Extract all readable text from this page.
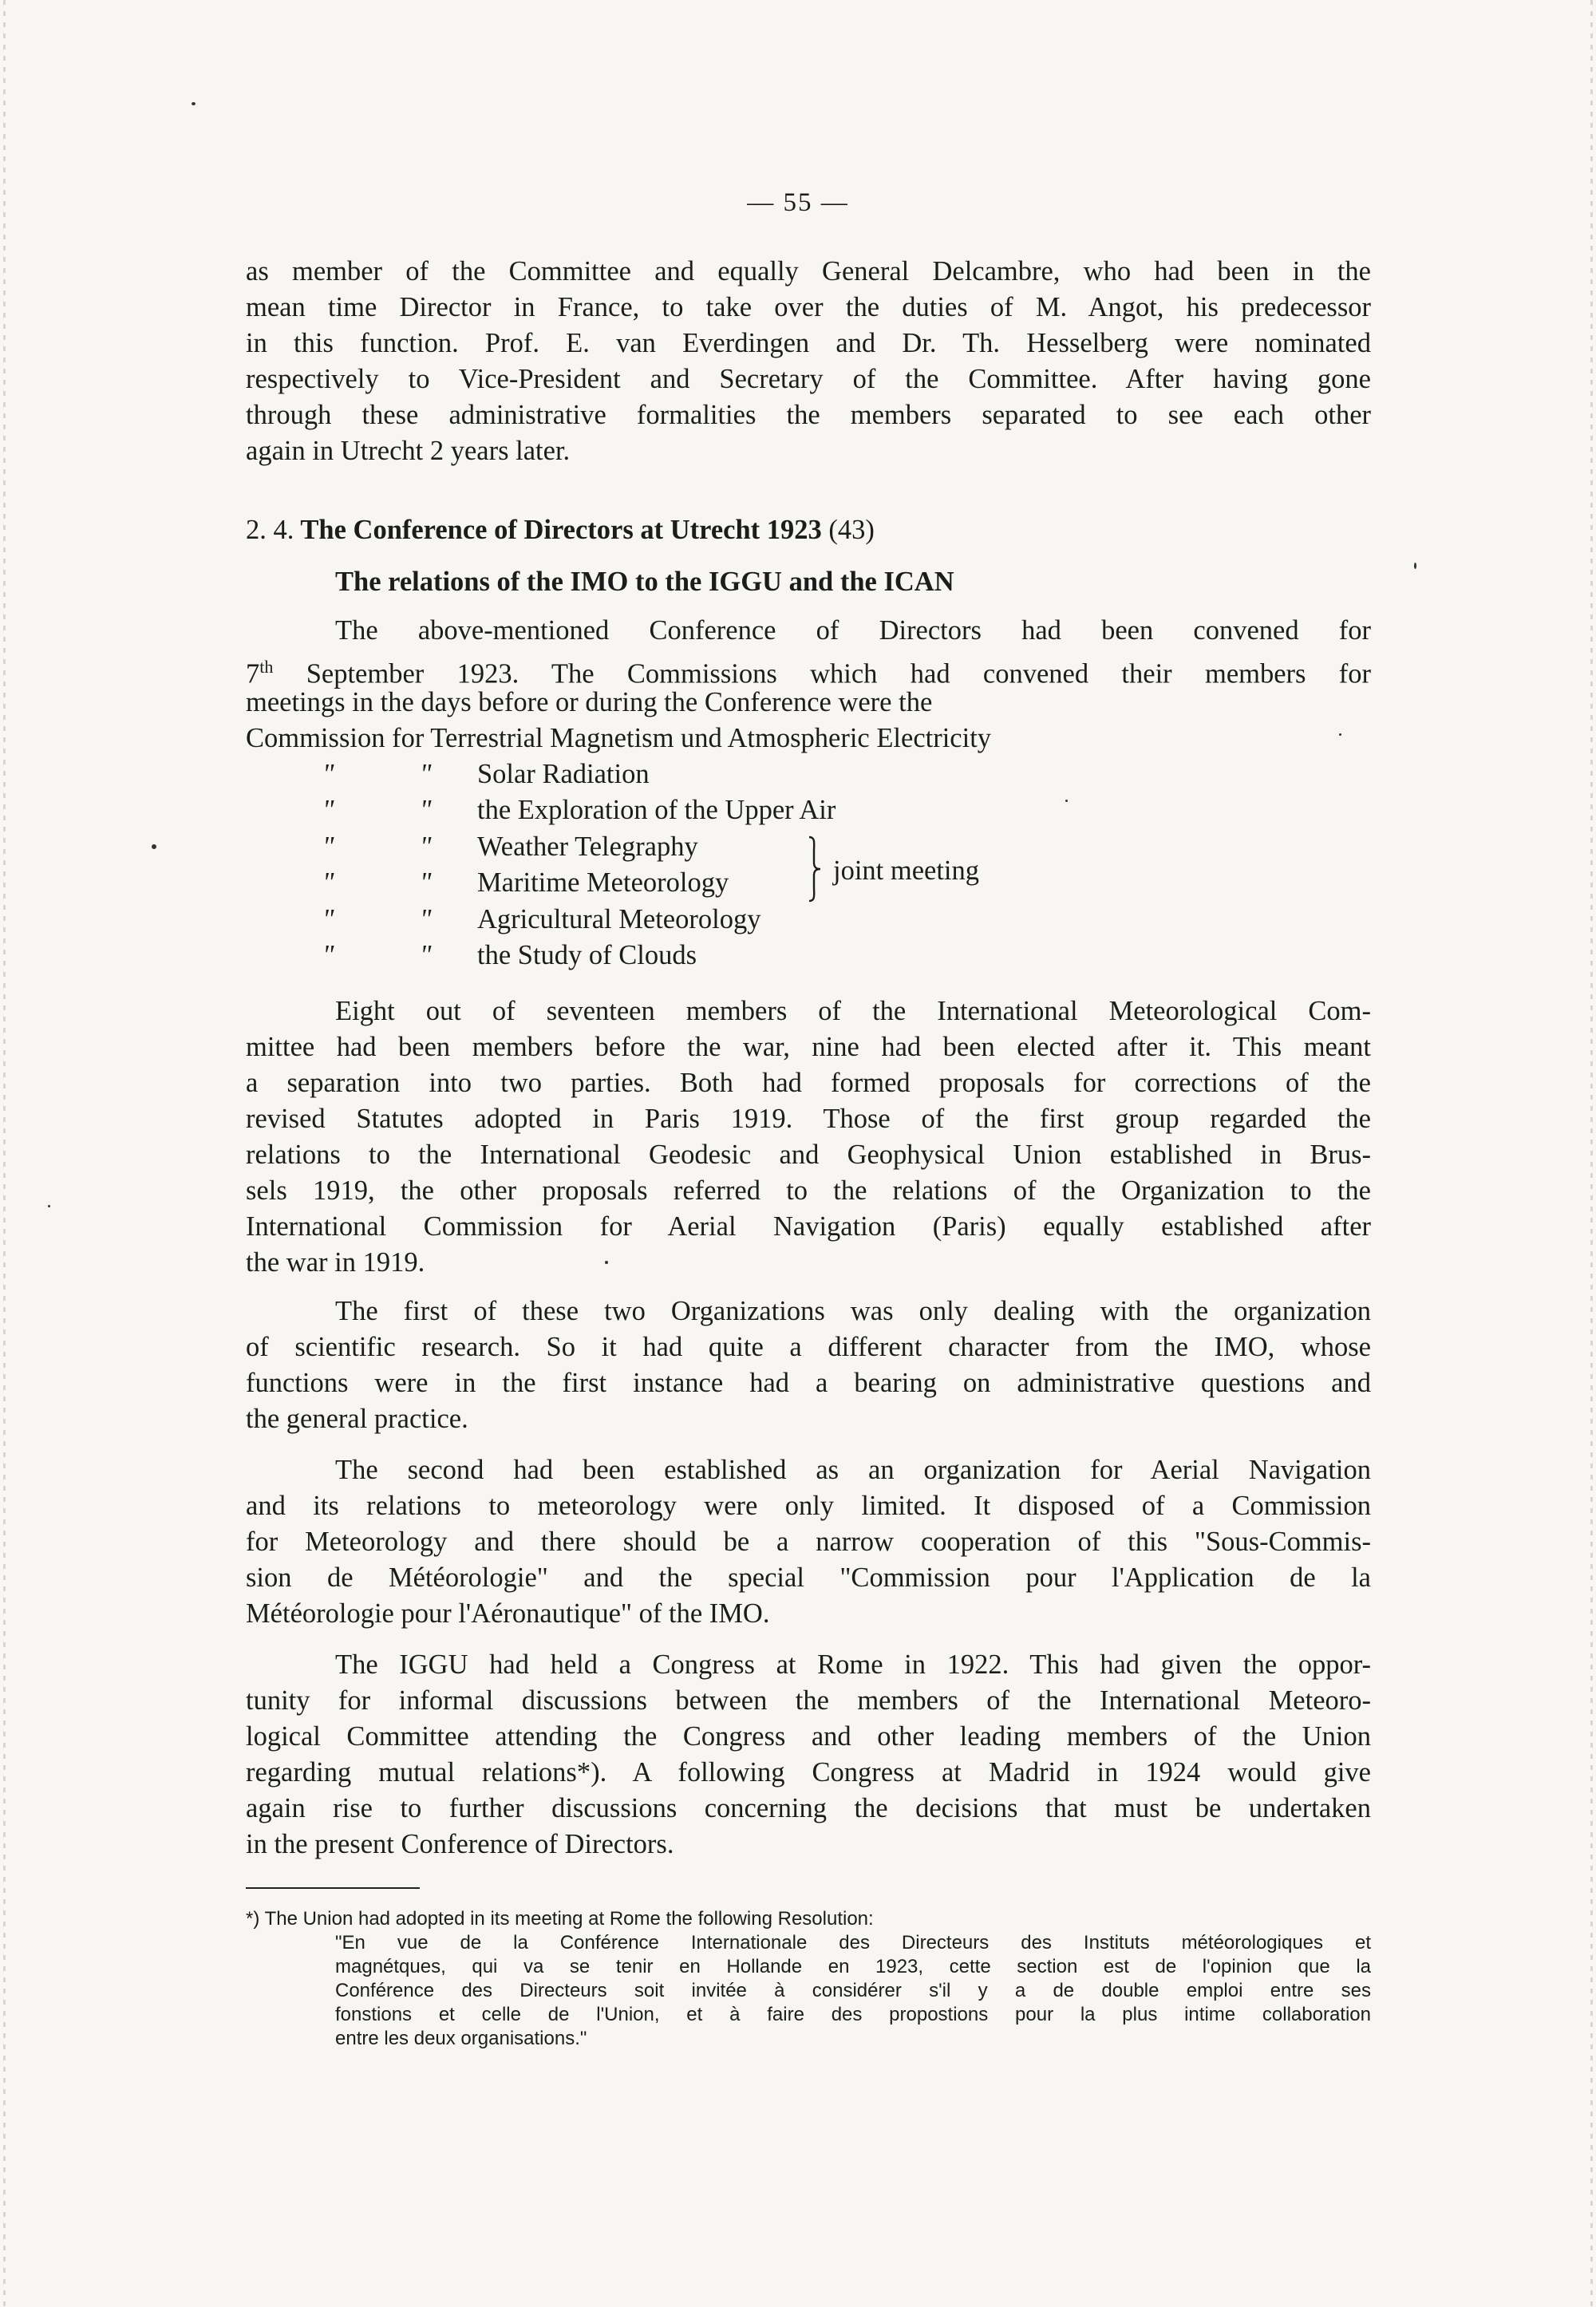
— 55 —
as member of the Committee and equally General Delcambre, who had been in the
mean time Director in France, to take over the duties of M. Angot, his predecessor
in this function. Prof. E. van Everdingen and Dr. Th. Hesselberg were nominated
respectively to Vice-President and Secretary of the Committee. After having gone
through these administrative formalities the members separated to see each other
again in Utrecht 2 years later.
2. 4. The Conference of Directors at Utrecht 1923 (43)
The relations of the IMO to the IGGU and the ICAN
The above-mentioned Conference of Directors had been convened for
7th September 1923. The Commissions which had convened their members for
meetings in the days before or during the Conference were the
Commission for Terrestrial Magnetism und Atmospheric Electricity
"	" Solar Radiation
"	" the Exploration of the Upper Air
"	" Weather Telegraphy
"	" Maritime Meteorology
"	" Agricultural Meteorology
"	" the Study of Clouds
joint meeting
Eight out of seventeen members of the International Meteorological Com-
mittee had been members before the war, nine had been elected after it. This meant
a separation into two parties. Both had formed proposals for corrections of the
revised Statutes adopted in Paris 1919. Those of the first group regarded the
relations to the International Geodesic and Geophysical Union established in Brus-
sels 1919, the other proposals referred to the relations of the Organization to the
International Commission for Aerial Navigation (Paris) equally established after
the war in 1919.
The first of these two Organizations was only dealing with the organization
of scientific research. So it had quite a different character from the IMO, whose
functions were in the first instance had a bearing on administrative questions and
the general practice.
The second had been established as an organization for Aerial Navigation
and its relations to meteorology were only limited. It disposed of a Commission
for Meteorology and there should be a narrow cooperation of this "Sous-Commis-
sion de Météorologie" and the special "Commission pour l'Application de la
Météorologie pour l'Aéronautique" of the IMO.
The IGGU had held a Congress at Rome in 1922. This had given the oppor-
tunity for informal discussions between the members of the International Meteoro-
logical Committee attending the Congress and other leading members of the Union
regarding mutual relations*). A following Congress at Madrid in 1924 would give
again rise to further discussions concerning the decisions that must be undertaken
in the present Conference of Directors.
*) The Union had adopted in its meeting at Rome the following Resolution:
"En vue de la Conférence Internationale des Directeurs des Instituts météorologiques et
magnétques, qui va se tenir en Hollande en 1923, cette section est de l'opinion que la
Conférence des Directeurs soit invitée à considérer s'il y a de double emploi entre ses
fonstions et celle de l'Union, et à faire des propostions pour la plus intime collaboration
entre les deux organisations."
